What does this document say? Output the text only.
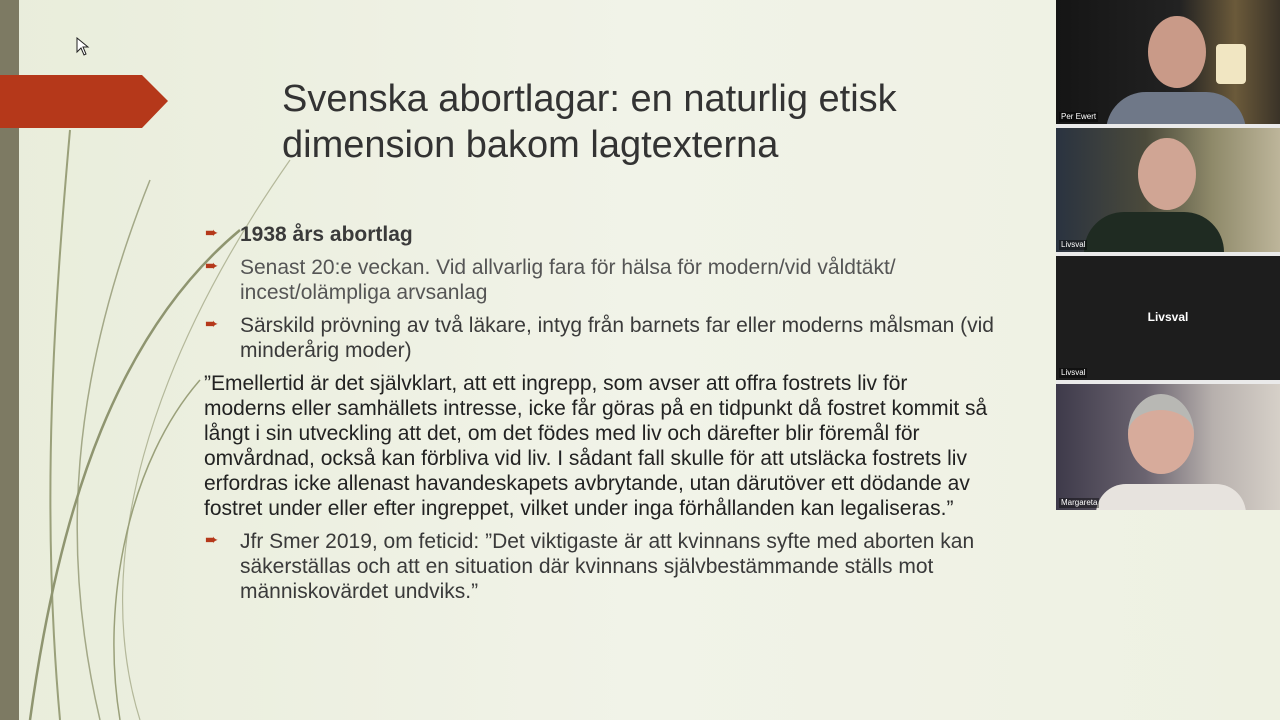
Svenska abortlagar: en naturlig etisk
dimension bakom lagtexterna
➨ 1938 års abortlag
➨ Senast 20:e veckan. Vid allvarlig fara för hälsa för modern/vid våldtäkt/
incest/olämpliga arvsanlag
➨ Särskild prövning av två läkare, intyg från barnets far eller moderns målsman (vid
minderårig moder)
”Emellertid är det självklart, att ett ingrepp, som avser att offra fostrets liv för
moderns eller samhällets intresse, icke får göras på en tidpunkt då fostret kommit så
långt i sin utveckling att det, om det födes med liv och därefter blir föremål för
omvårdnad, också kan förbliva vid liv. I sådant fall skulle för att utsläcka fostrets liv
erfordras icke allenast havandeskapets avbrytande, utan därutöver ett dödande av
fostret under eller efter ingreppet, vilket under inga förhållanden kan legaliseras.”
➨ Jfr Smer 2019, om feticid: ”Det viktigaste är att kvinnans syfte med aborten kan
säkerställas och att en situation där kvinnans självbestämmande ställs mot
människovärdet undviks.”
Per Ewert
Livsval
Livsval
Livsval
Margareta
